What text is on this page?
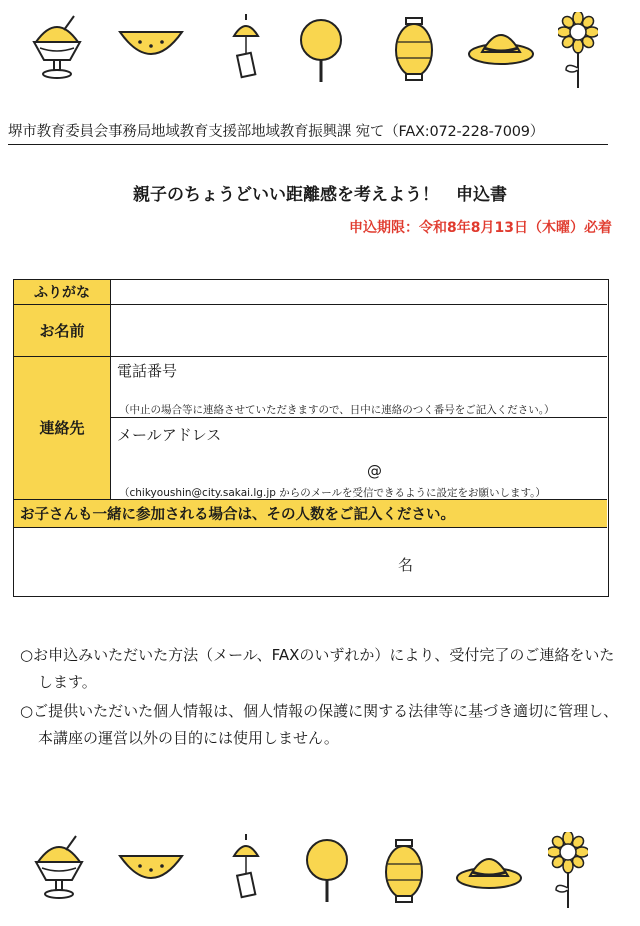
堺市教育委員会事務局地域教育支援部地域教育振興課 宛て（FAX:072-228-7009）
親子のちょうどいい距離感を考えよう！　申込書
申込期限：令和8年8月13日（木曜）必着
ふりがな
お名前
連絡先
電話番号
（中止の場合等に連絡させていただきますので、日中に連絡のつく番号をご記入ください。）
メールアドレス
@
（chikyoushin@city.sakai.lg.jp からのメールを受信できるように設定をお願いします。）
お子さんも一緒に参加される場合は、その人数をご記入ください。
名

○お申込みいただいた方法（メール、FAXのいずれか）により、受付完了のご連絡をいたします。

○ご提供いただいた個人情報は、個人情報の保護に関する法律等に基づき適切に管理し、本講座の運営以外の目的には使用しません。
